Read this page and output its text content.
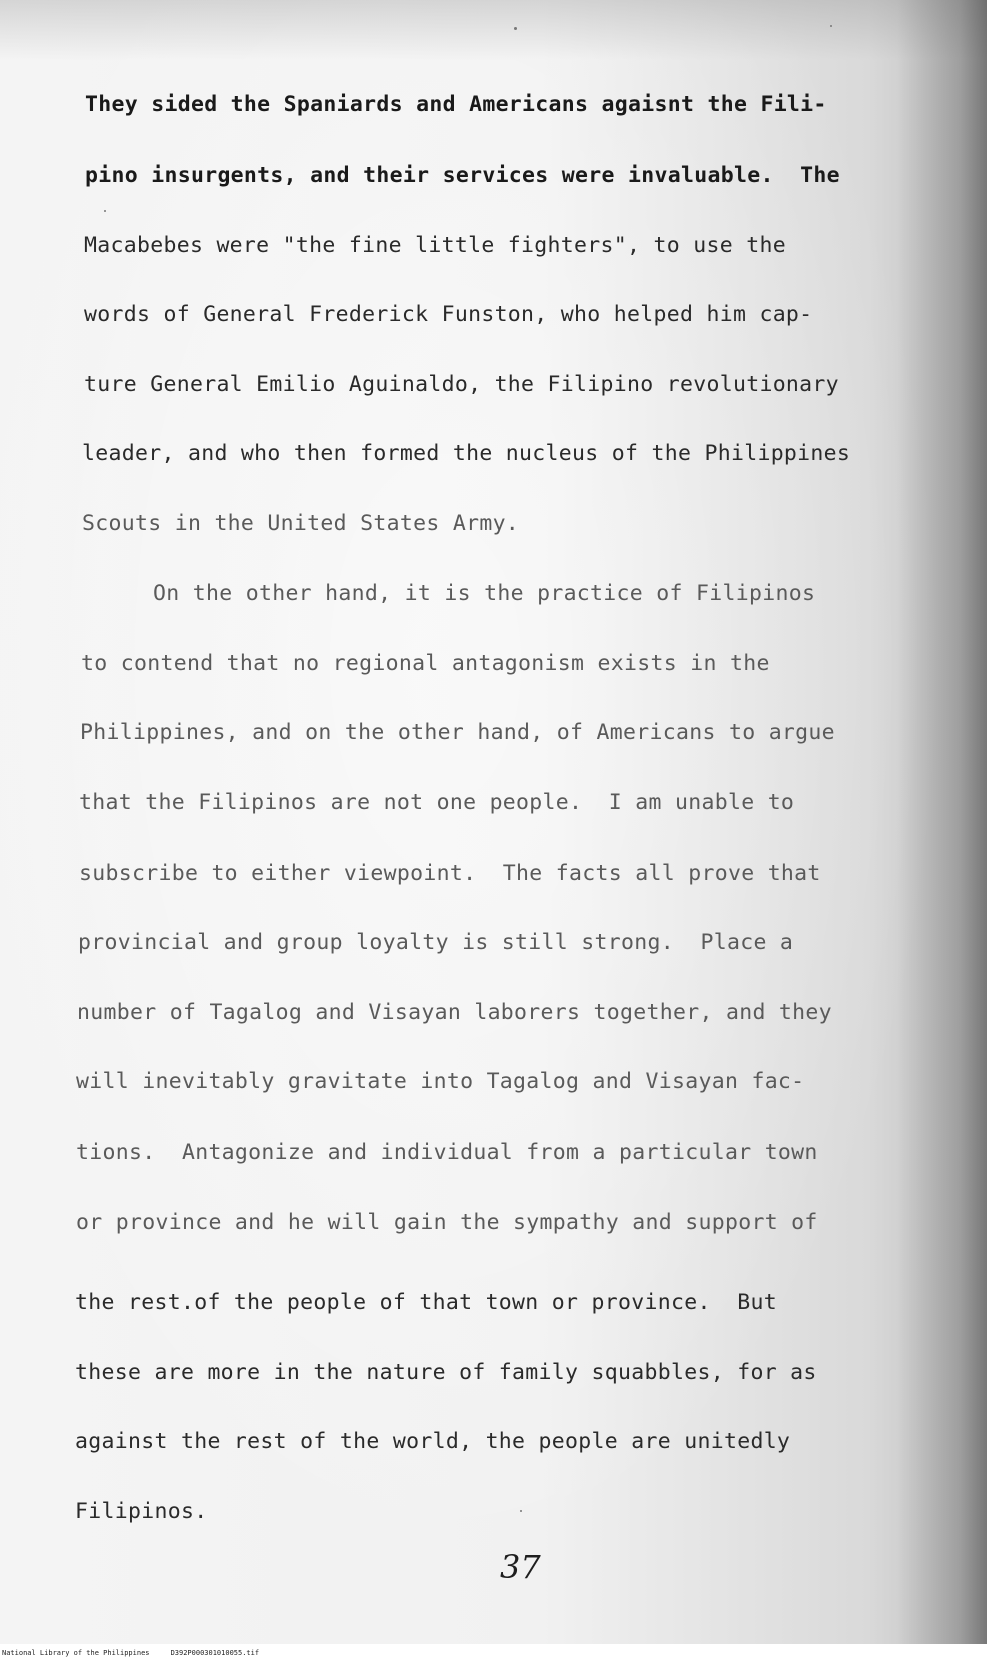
They sided the Spaniards and Americans agaisnt the Fili-
pino insurgents, and their services were invaluable.  The
Macabebes were "the fine little fighters", to use the
words of General Frederick Funston, who helped him cap-
ture General Emilio Aguinaldo, the Filipino revolutionary
leader, and who then formed the nucleus of the Philippines
Scouts in the United States Army.
On the other hand, it is the practice of Filipinos
to contend that no regional antagonism exists in the
Philippines, and on the other hand, of Americans to argue
that the Filipinos are not one people.  I am unable to
subscribe to either viewpoint.  The facts all prove that
provincial and group loyalty is still strong.  Place a
number of Tagalog and Visayan laborers together, and they
will inevitably gravitate into Tagalog and Visayan fac-
tions.  Antagonize and individual from a particular town
or province and he will gain the sympathy and support of
the rest.of the people of that town or province.  But
these are more in the nature of family squabbles, for as
against the rest of the world, the people are unitedly
Filipinos.
37
National Library of the Philippines     D392P000301010055.tif
